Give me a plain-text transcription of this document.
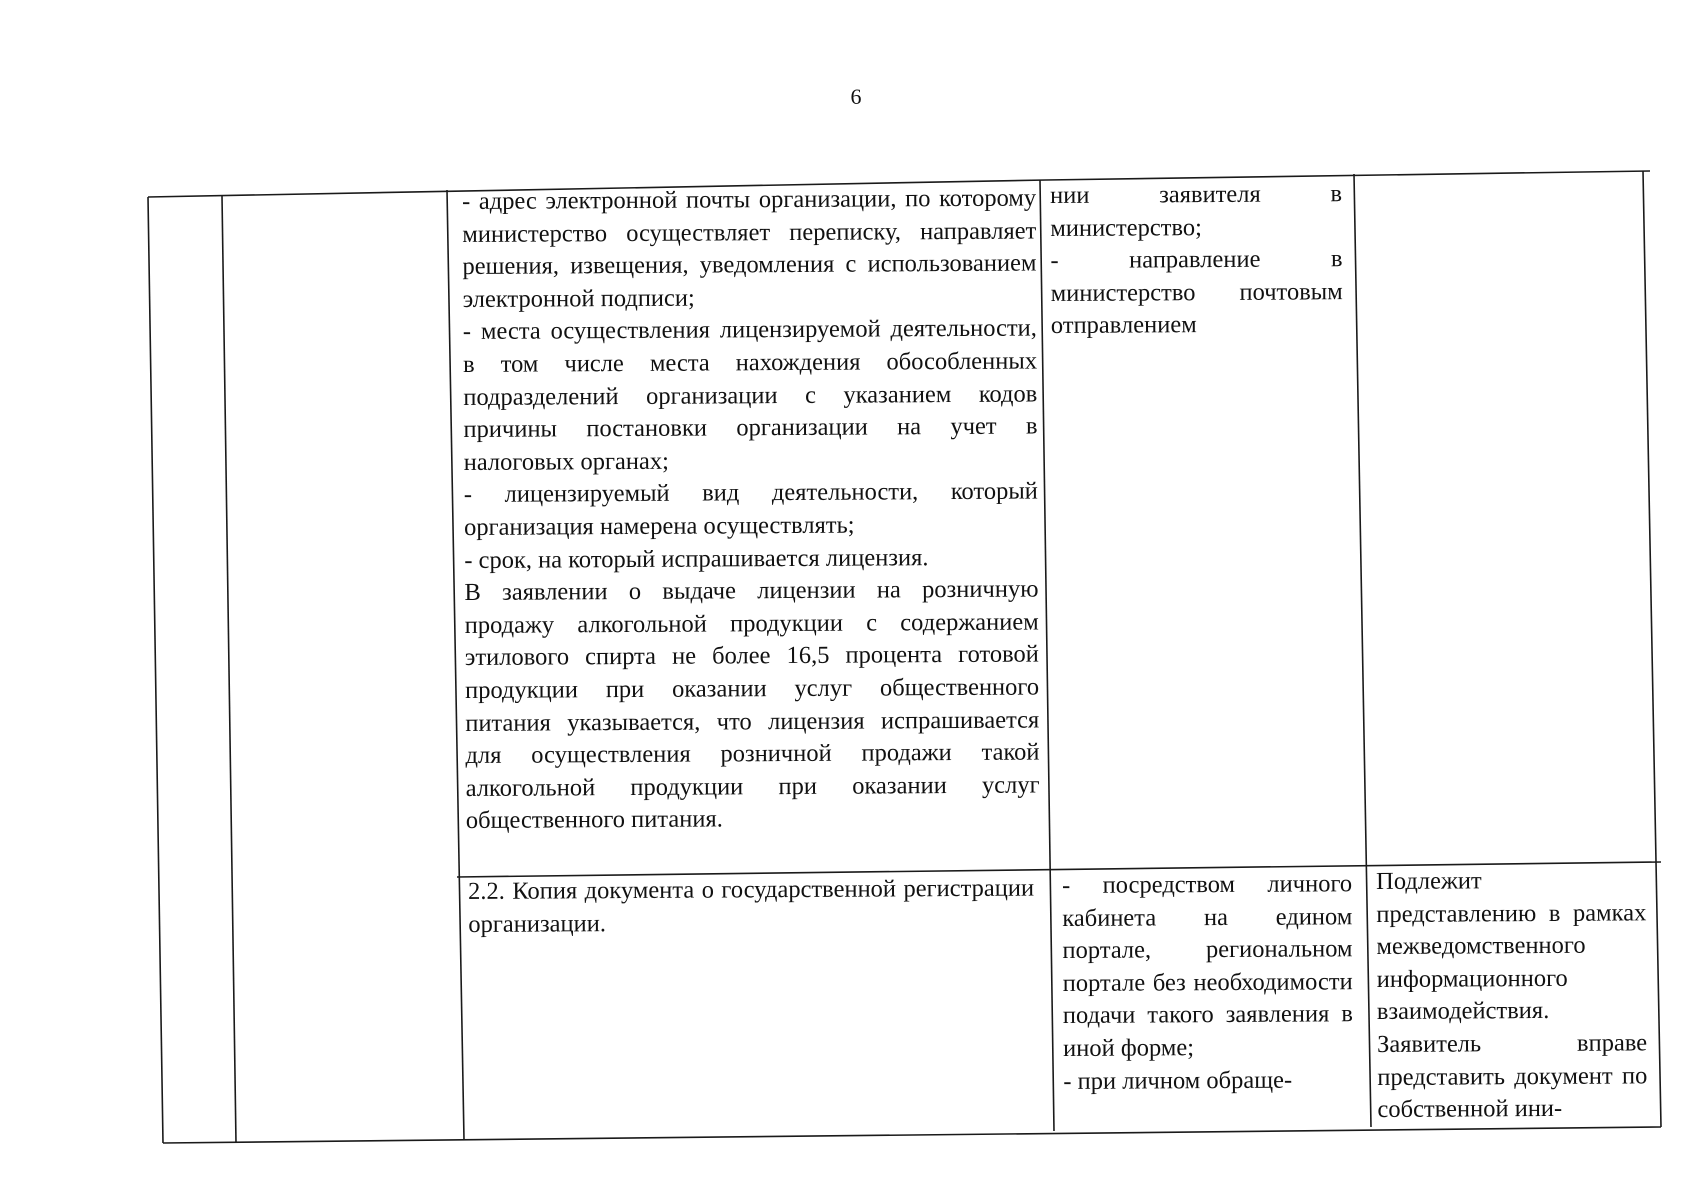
6

- адрес электронной почты организации, по которому министерство осуществляет переписку, направляет решения, извещения, уведомления с использованием электронной подписи;

- места осуществления лицензируемой деятельности, в том числе места нахождения обособленных подразделений организации с указанием кодов причины постановки организации на учет в налоговых органах;

- лицензируемый вид деятельности, который организация намерена осуществлять;

- срок, на который испрашивается лицензия.

В заявлении о выдаче лицензии на розничную продажу алкогольной продукции с содержанием этилового спирта не более 16,5 процента готовой продукции при оказании услуг общественного питания указывается, что лицензия испрашивается для осуществления розничной продажи такой алкогольной продукции при оказании услуг общественного питания.

нии заявителя в министерство;

- направление в министерство почтовым отправлением

2.2. Копия документа о государственной регистрации организации.

- посредством личного кабинета на едином портале, региональном портале без необходимости подачи такого заявления в иной форме;

- при личном обраще-

Подлежит представлению в рамках межведомственного информационного взаимодействия.

Заявитель вправе представить документ по собственной ини-
